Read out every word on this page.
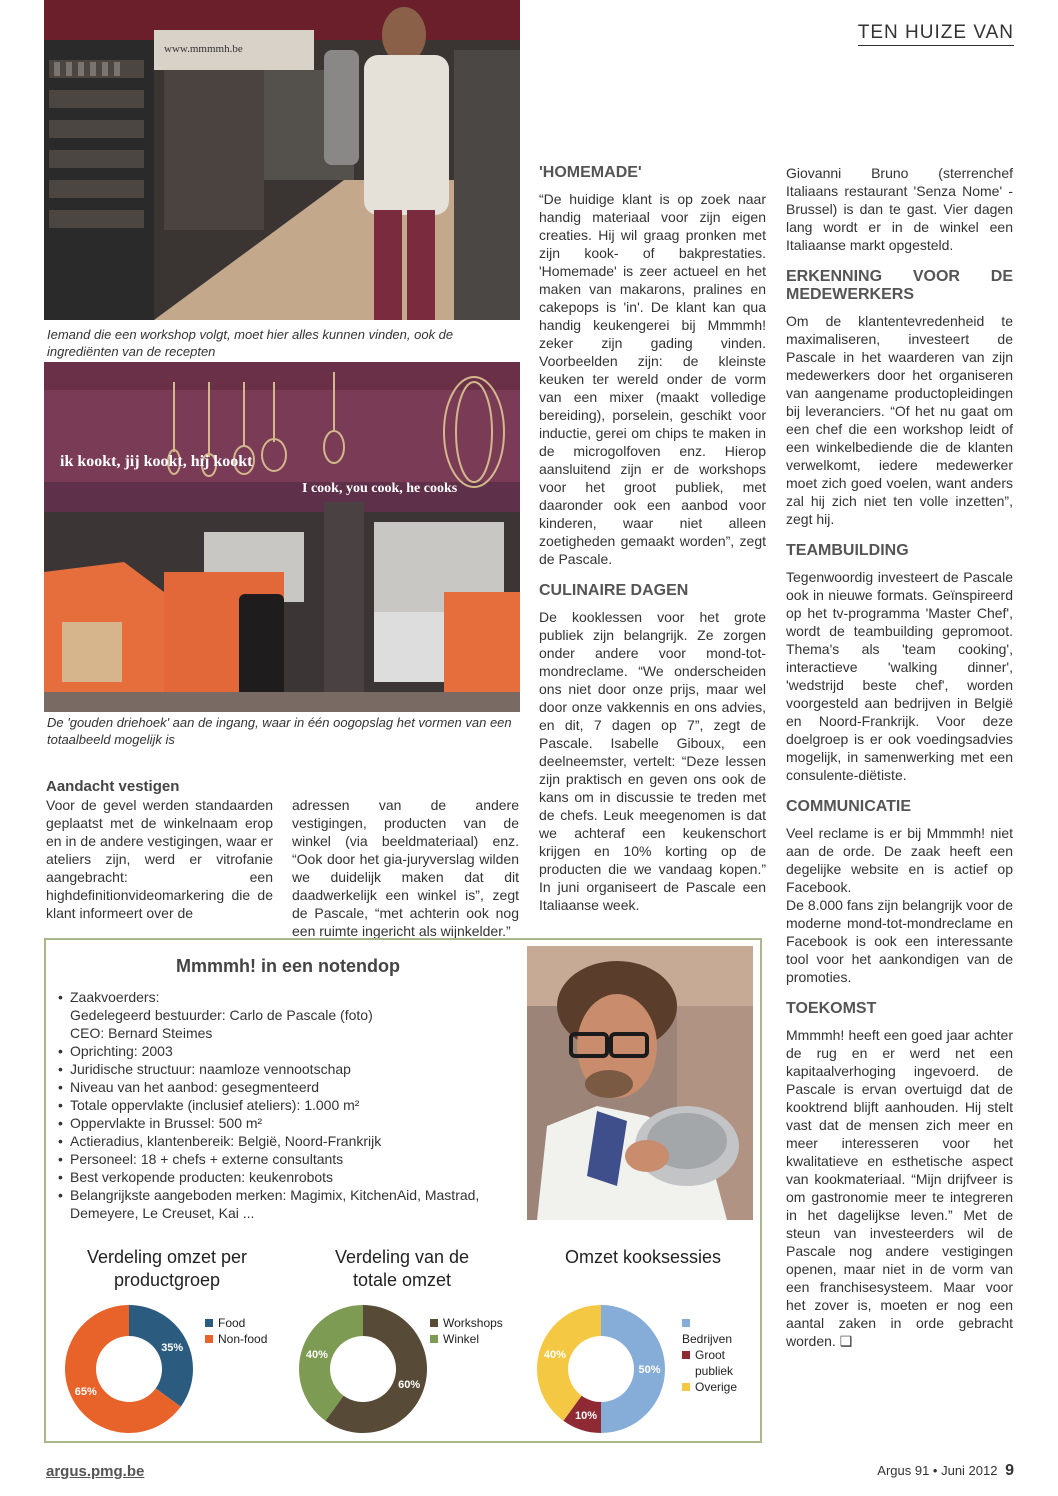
TEN HUIZE VAN
www.mmmmh.be
Iemand die een workshop volgt, moet hier alles kunnen vinden, ook de ingrediënten van de recepten
ik kookt, jij kookt, hij kookt
I cook, you cook, he cooks
De 'gouden driehoek' aan de ingang, waar in één oogopslag het vormen van een totaalbeeld mogelijk is
Aandacht vestigen
Voor de gevel werden standaarden geplaatst met de winkelnaam erop en in de andere vestigingen, waar er ateliers zijn, werd er vitrofanie aangebracht: een highdefinitionvideomarkering die de klant informeert over de
adressen van de andere vestigingen, producten van de winkel (via beeldmateriaal) enz. “Ook door het gia-juryverslag wilden we duidelijk maken dat dit daadwerkelijk een winkel is”, zegt de Pascale, “met achterin ook nog een ruimte ingericht als wijnkelder.”
'HOMEMADE'

“De huidige klant is op zoek naar handig materiaal voor zijn eigen creaties. Hij wil graag pronken met zijn kook- of bakprestaties. 'Homemade' is zeer actueel en het maken van makarons, pralines en cakepops is 'in'. De klant kan qua handig keukengerei bij Mmmmh! zeker zijn gading vinden. Voorbeelden zijn: de kleinste keuken ter wereld onder de vorm van een mixer (maakt volledige bereiding), porselein, geschikt voor inductie, gerei om chips te maken in de microgolfoven enz. Hierop aansluitend zijn er de workshops voor het groot publiek, met daaronder ook een aanbod voor kinderen, waar niet alleen zoetigheden gemaakt worden”, zegt de Pascale.

CULINAIRE DAGEN

De kooklessen voor het grote publiek zijn belangrijk. Ze zorgen onder andere voor mond-tot-mondreclame. “We onderscheiden ons niet door onze prijs, maar wel door onze vakkennis en ons advies, en dit, 7 dagen op 7”, zegt de Pascale. Isabelle Giboux, een deelneemster, vertelt: “Deze lessen zijn praktisch en geven ons ook de kans om in discussie te treden met de chefs. Leuk meegenomen is dat we achteraf een keukenschort krijgen en 10% korting op de producten die we vandaag kopen.” In juni organiseert de Pascale een Italiaanse week.

Giovanni Bruno (sterrenchef Italiaans restaurant 'Senza Nome' - Brussel) is dan te gast. Vier dagen lang wordt er in de winkel een Italiaanse markt opgesteld.

ERKENNING VOOR DE MEDEWERKERS

Om de klantentevredenheid te maximaliseren, investeert de Pascale in het waarderen van zijn medewerkers door het organiseren van aangename productopleidingen bij leveranciers. “Of het nu gaat om een chef die een workshop leidt of een winkelbediende die de klanten verwelkomt, iedere medewerker moet zich goed voelen, want anders zal hij zich niet ten volle inzetten”, zegt hij.

TEAMBUILDING

Tegenwoordig investeert de Pascale ook in nieuwe formats. Geïnspireerd op het tv-programma 'Master Chef', wordt de teambuilding gepromoot. Thema's als 'team cooking', interactieve 'walking dinner', 'wedstrijd beste chef', worden voorgesteld aan bedrijven in België en Noord-Frankrijk. Voor deze doelgroep is er ook voedingsadvies mogelijk, in samenwerking met een consulente-diëtiste.

COMMUNICATIE

Veel reclame is er bij Mmmmh! niet aan de orde. De zaak heeft een degelijke website en is actief op Facebook.

De 8.000 fans zijn belangrijk voor de moderne mond-tot-mondreclame en Facebook is ook een interessante tool voor het aankondigen van de promoties.

TOEKOMST

Mmmmh! heeft een goed jaar achter de rug en er werd net een kapitaalverhoging ingevoerd. de Pascale is ervan overtuigd dat de kooktrend blijft aanhouden. Hij stelt vast dat de mensen zich meer en meer interesseren voor het kwalitatieve en esthetische aspect van kookmateriaal. “Mijn drijfveer is om gastronomie meer te integreren in het dagelijkse leven.” Met de steun van investeerders wil de Pascale nog andere vestigingen openen, maar niet in de vorm van een franchisesysteem. Maar voor het zover is, moeten er nog een aantal zaken in orde gebracht worden. ❑

Mmmmh! in een notendop
• Zaakvoerders:
Gedelegeerd bestuurder: Carlo de Pascale (foto)
CEO: Bernard Steimes
• Oprichting: 2003
• Juridische structuur: naamloze vennootschap
• Niveau van het aanbod: gesegmenteerd
• Totale oppervlakte (inclusief ateliers): 1.000 m²
• Oppervlakte in Brussel: 500 m²
• Actieradius, klantenbereik: België, Noord-Frankrijk
• Personeel: 18 + chefs + externe consultants
• Best verkopende producten: keukenrobots
• Belangrijkste aangeboden merken: Magimix, KitchenAid, Mastrad, Demeyere, Le Creuset, Kai ...
Verdeling omzet per productgroep
Verdeling van de totale omzet
Omzet kooksessies
35%
65%
60%
40%
50%
10%
40%
Food
Non-food
Workshops
Winkel	Bedrijven
Groot publiek
Overige
argus.pmg.be	Argus 91 • Juni 2012 9
